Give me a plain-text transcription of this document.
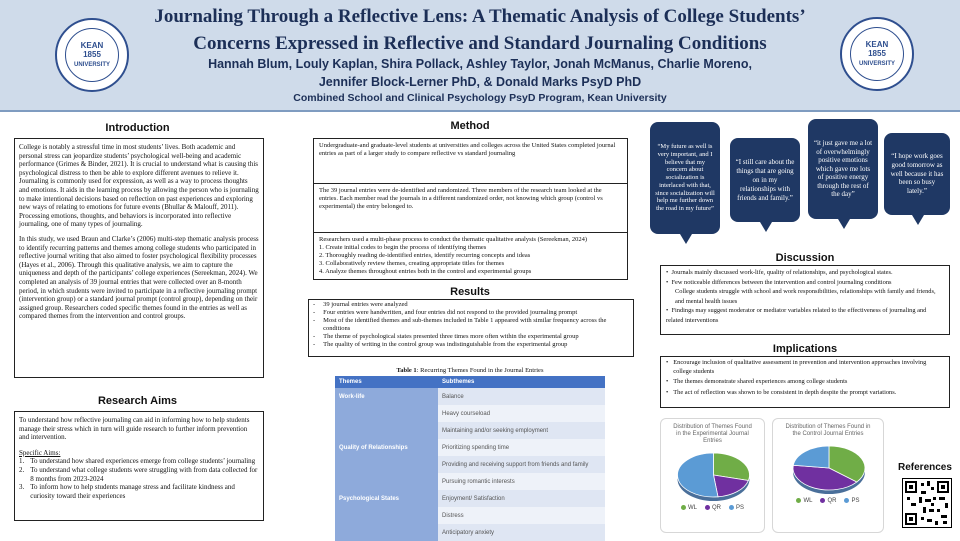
KEAN
1855
UNIVERSITY
KEAN
1855
UNIVERSITY
Journaling Through a Reflective Lens: A Thematic Analysis of College Students’
Concerns Expressed in Reflective and Standard Journaling Conditions
Hannah Blum, Louly Kaplan, Shira Pollack, Ashley Taylor, Jonah McManus, Charlie Moreno,
Jennifer Block-Lerner PhD, & Donald Marks PsyD PhD
Combined School and Clinical Psychology PsyD Program, Kean University
Introduction

College is notably a stressful time in most students’ lives. Both academic and personal stress can jeopardize students’ psychological well-being and academic performance (Grimes & Binder, 2021). It is crucial to understand what is causing this psychological distress to then be able to explore different avenues to relieve it. Journaling is commonly used for expression, as well as a way to process thoughts and emotions. It aids in the learning process by allowing the person who is journaling to make intentional decisions based on reflection on past experiences and exploring new ways of relating to emotions for future events (Bhullar & Malouff, 2011). Processing emotions, thoughts, and behaviors is incorporated into reflective journaling, one of many types of journaling.

In this study, we used Braun and Clarke’s (2006) multi-step thematic analysis process to identify recurring patterns and themes among college students who participated in reflective journal writing that also aimed to foster psychological flexibility processes (Hayes et al., 2006). Through this qualitative analysis, we aim to capture the uniqueness and depth of the participants’ college experiences (Sereekman, 2024). We completed an analysis of 39 journal entries that were collected over an 8-month period, in which students were invited to participate in a reflective journaling prompt (intervention group) or a standard journal prompt (control group), depending on their assigned group. Researchers coded specific themes found in the entries as well as compared themes from the intervention and control groups.

Research Aims

To understand how reflective journaling can aid in informing how to help students manage their stress which in turn will guide research to further inform prevention and intervention.

Specific Aims:
1. To understand how shared experiences emerge from college students’ journaling
2. To understand what college students were struggling with from data collected for 8 months from 2023-2024
3. To inform how to help students manage stress and facilitate kindness and curiosity toward their experiences
Method
Undergraduate-and graduate-level students at universities and colleges across the United States completed journal entries as part of a larger study to compare reflective vs standard journaling
The 39 journal entries were de-identified and randomized. Three members of the research team looked at the entries. Each member read the journals in a different randomized order, not knowing which group (control vs experimental) the entry belonged to.
Researchers used a multi-phase process to conduct the thematic qualitative analysis (Sereekman, 2024)
1. Create initial codes to begin the process of identifying themes
2. Thoroughly reading de-identified entries, identify recurring concepts and ideas
3. Collaboratively review themes, creating appropriate titles for themes
4. Analyze themes throughout entries both in the control and experimental groups
Results
- 39 journal entries were analyzed
- Four entries were handwritten, and four entries did not respond to the provided journaling prompt
- Most of the identified themes and sub-themes included in Table 1 appeared with similar frequency across the conditions
- The theme of psychological states presented three times more often within the experimental group
- The quality of writing in the control group was indistinguishable from the experimental group
Table 1: Recurring Themes Found in the Journal Entries
Themes	Subthemes
Work-life	Balance
	Heavy courseload
	Maintaining and/or seeking employment
Quality of Relationships	Prioritizing spending time
	Providing and receiving support from friends and family
	Pursuing romantic interests
Psychological States	Enjoyment/ Satisfaction
	Distress
	Anticipatory anxiety
“My future as well is very important, and I believe that my concern about socialization is interlaced with that, since socialization will help me further down the road in my future”
“I still care about the things that are going on in my relationships with friends and family.”
“it just gave me a lot of overwhelmingly positive emotions which gave me lots of positive energy through the rest of the day”
“I hope work goes good tomorrow as well because it has been so busy lately.”
Discussion
•  Journals mainly discussed work-life, quality of relationships, and psychological states.
•  Few noticeable differences between the intervention and control journaling conditions
College students struggle with school and work responsibilities, relationships with family and friends, and mental health issues
•  Findings may suggest moderator or mediator variables related to the effectiveness of journaling and related interventions
Implications
• Encourage inclusion of qualitative assessment in prevention and intervention approaches involving college students
• The themes demonstrate shared experiences among college students
• The act of reflection was shown to be consistent in depth despite the prompt variations.
Distribution of Themes Found in the Experimental Journal Entries
WL	QR	PS
Distribution of Themes Found in the Control Journal Entries
WL	QR	PS
References
